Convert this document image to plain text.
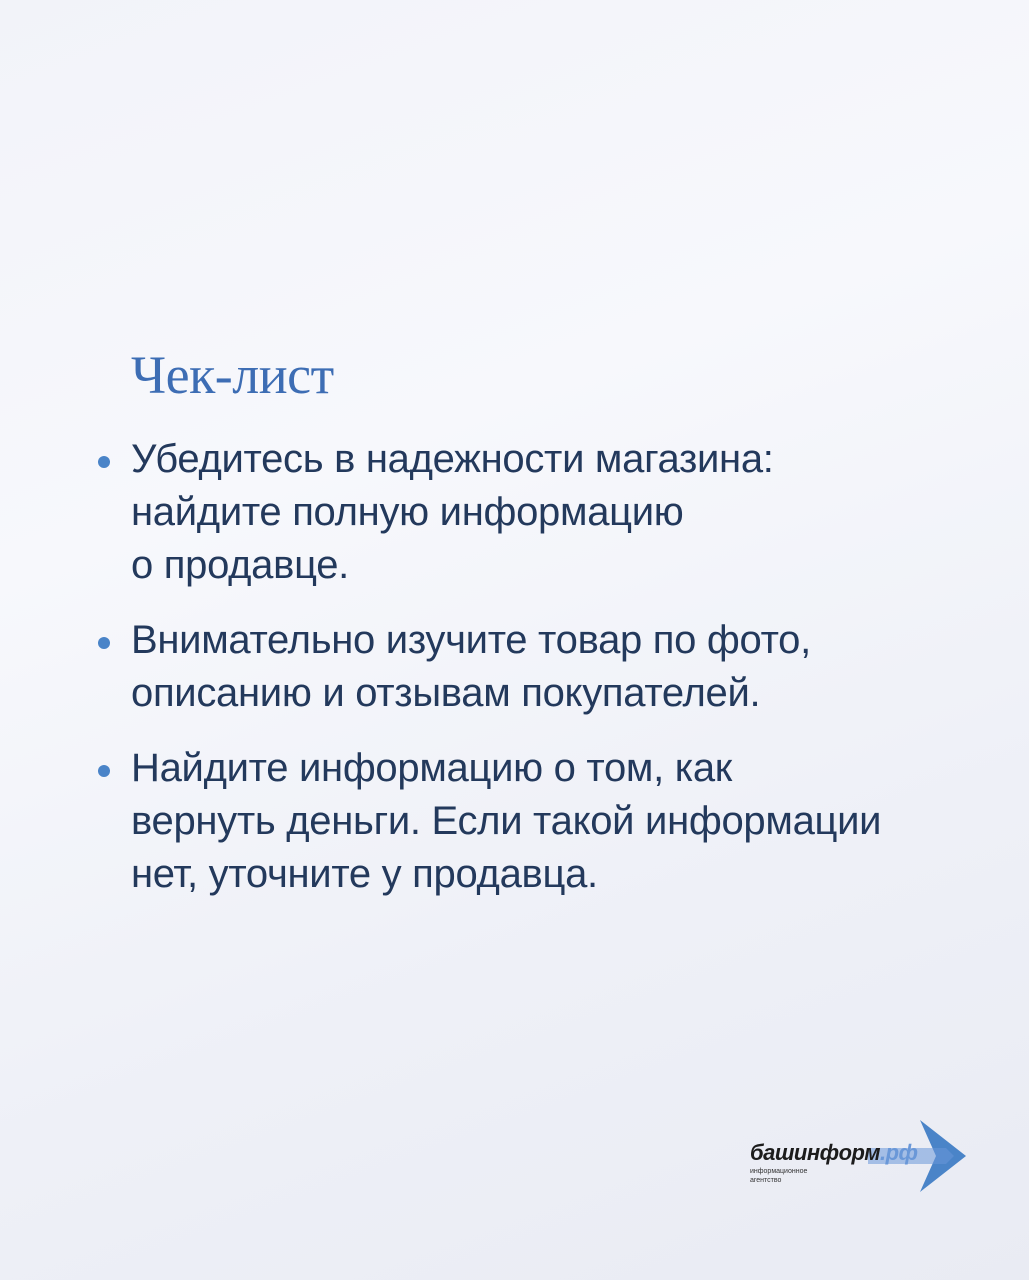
Чек-лист
Убедитесь в надежности магазина:
найдите полную информацию
о продавце.
Внимательно изучите товар по фото,
описанию и отзывам покупателей.
Найдите информацию о том, как
вернуть деньги. Если такой информации
нет, уточните у продавца.
башинформ.рф
информационное
агентство
